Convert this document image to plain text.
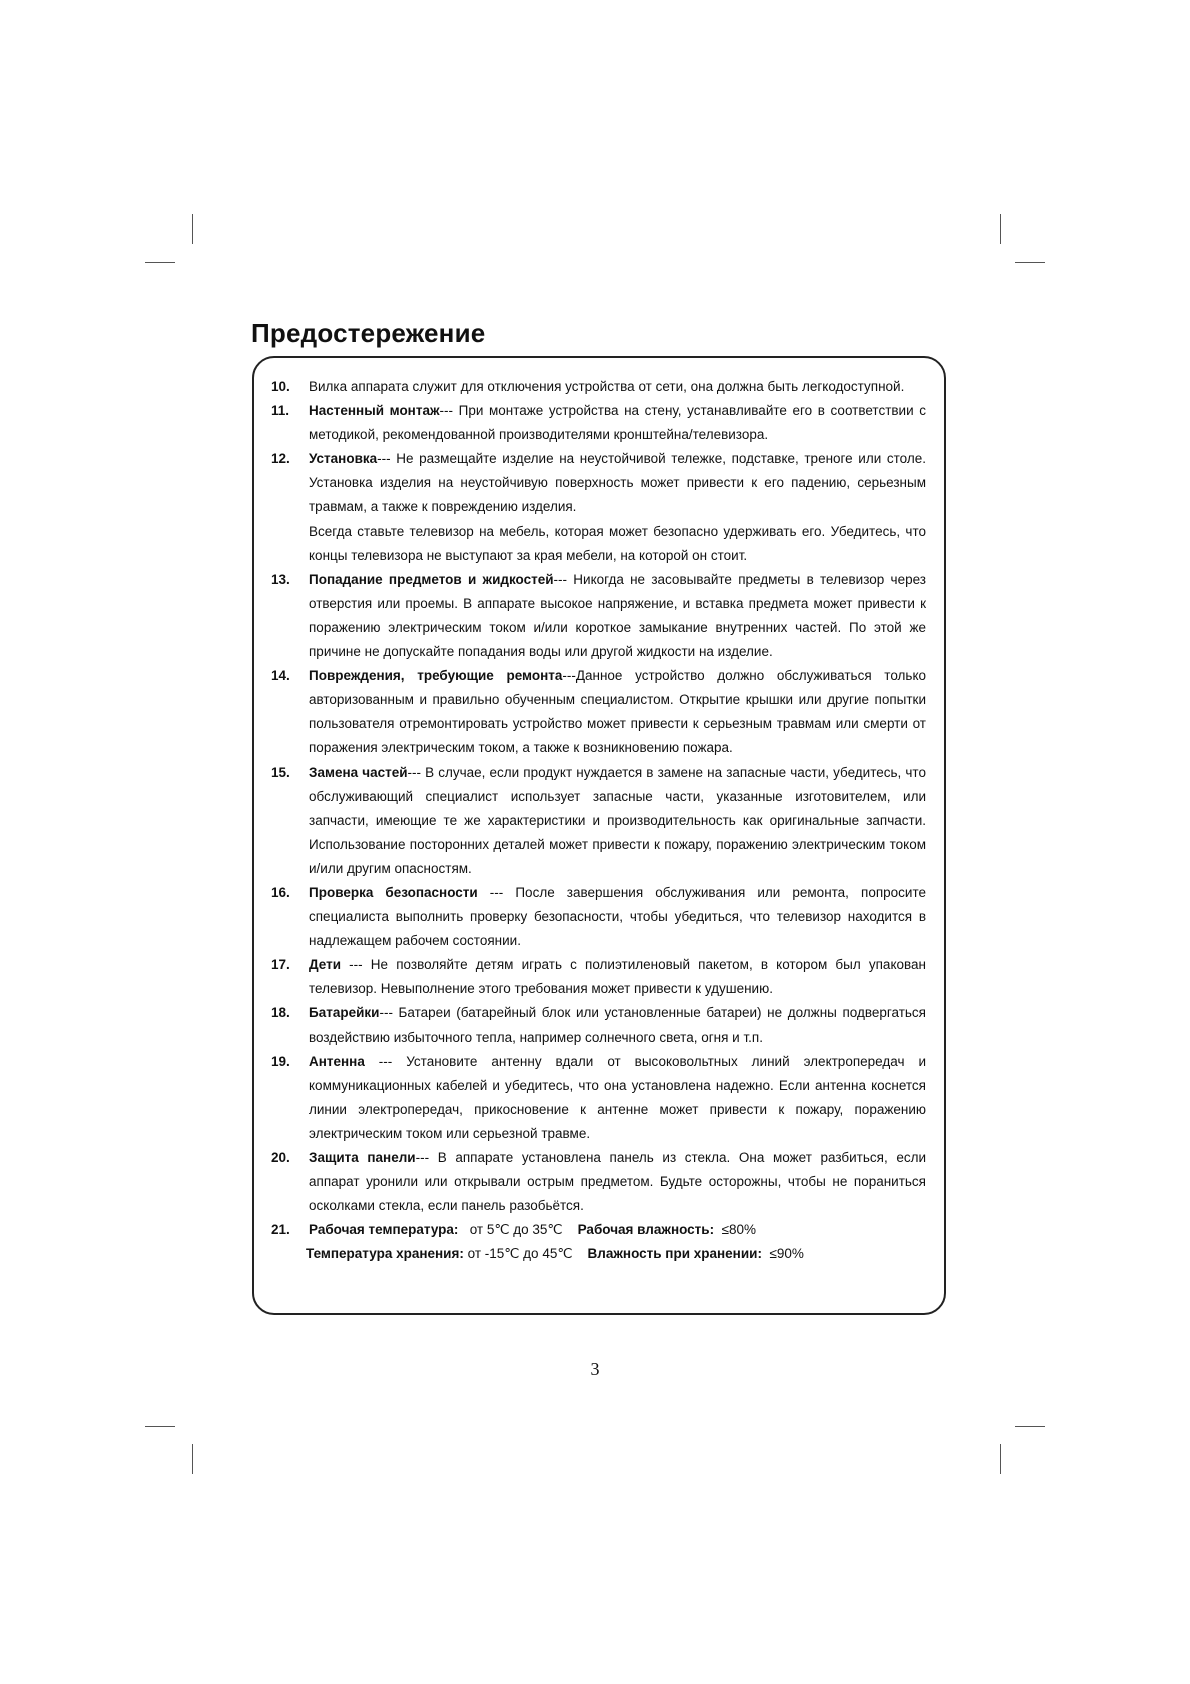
Предостережение
10.	Вилка аппарата служит для отключения устройства от сети, она должна быть легкодоступной.
11.	Настенный монтаж--- При монтаже устройства на стену, устанавливайте его в соответствии с методикой, рекомендованной производителями кронштейна/телевизора.
12.	Установка--- Не размещайте изделие на неустойчивой тележке, подставке, треноге или столе. Установка изделия на неустойчивую поверхность может привести к его падению, серьезным травмам, а также к повреждению изделия.
Всегда ставьте телевизор на мебель, которая может безопасно удерживать его. Убедитесь, что концы телевизора не выступают за края мебели, на которой он стоит.
13.	Попадание предметов и жидкостей--- Никогда не засовывайте предметы в телевизор через отверстия или проемы. В аппарате высокое напряжение, и вставка предмета может привести к поражению электрическим током и/или короткое замыкание внутренних частей. По этой же причине не допускайте попадания воды или другой жидкости на изделие.
14.	Повреждения, требующие ремонта---Данное устройство должно обслуживаться только авторизованным и правильно обученным специалистом. Открытие крышки или другие попытки пользователя отремонтировать устройство может привести к серьезным травмам или смерти от поражения электрическим током, а также к возникновению пожара.
15.	Замена частей--- В случае, если продукт нуждается в замене на запасные части, убедитесь, что обслуживающий специалист использует запасные части, указанные изготовителем, или запчасти, имеющие те же характеристики и производительность как оригинальные запчасти. Использование посторонних деталей может привести к пожару, поражению электрическим током и/или другим опасностям.
16.	Проверка безопасности --- После завершения обслуживания или ремонта, попросите специалиста выполнить проверку безопасности, чтобы убедиться, что телевизор находится в надлежащем рабочем состоянии.
17.	Дети --- Не позволяйте детям играть с полиэтиленовый пакетом, в котором был упакован телевизор. Невыполнение этого требования может привести к удушению.
18.	Батарейки--- Батареи (батарейный блок или установленные батареи) не должны подвергаться воздействию избыточного тепла, например солнечного света, огня и т.п.
19.	Антенна --- Установите антенну вдали от высоковольтных линий электропередач и коммуникационных кабелей и убедитесь, что она установлена надежно. Если антенна коснется линии электропередач, прикосновение к антенне может привести к пожару, поражению электрическим током или серьезной травме.
20.	Защита панели--- В аппарате установлена панель из стекла. Она может разбиться, если аппарат уронили или открывали острым предметом. Будьте осторожны, чтобы не пораниться осколками стекла, если панель разобьётся.
21.	Рабочая температура: от 5℃ до 35℃ Рабочая влажность: ≤80%
Температура хранения: от -15℃ до 45℃ Влажность при хранении: ≤90%
3
